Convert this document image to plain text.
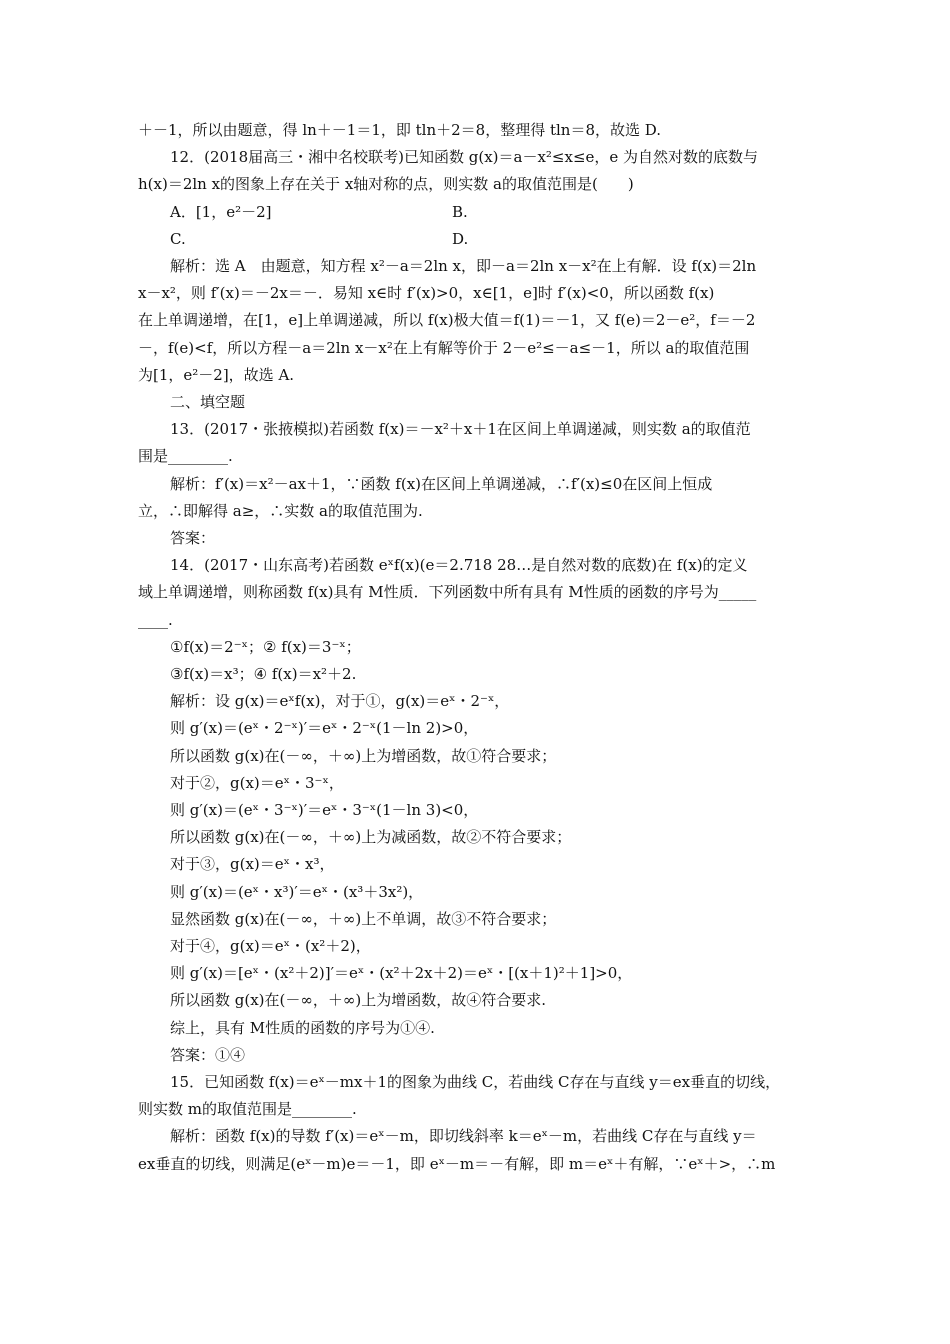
＋－1，所以由题意，得 ln＋－1＝1，即 tln＋2＝8，整理得 tln＝8，故选 D.
12．(2018届高三・湘中名校联考)已知函数 g(x)＝a－x²≤x≤e，e 为自然对数的底数与
h(x)＝2ln x的图象上存在关于 x轴对称的点，则实数 a的取值范围是(　　)
A．[1，e²－2]	B.
C.	D.
解析：选 A　由题意，知方程 x²－a＝2ln x，即－a＝2ln x－x²在上有解．设 f(x)＝2ln
x－x²，则 f′(x)＝－2x＝－．易知 x∈时 f′(x)>0，x∈[1，e]时 f′(x)<0，所以函数 f(x)
在上单调递增，在[1，e]上单调递减，所以 f(x)极大值＝f(1)＝－1，又 f(e)＝2－e²，f＝－2
－，f(e)<f，所以方程－a＝2ln x－x²在上有解等价于 2－e²≤－a≤－1，所以 a的取值范围
为[1，e²－2]，故选 A.
二、填空题
13．(2017・张掖模拟)若函数 f(x)＝－x²＋x＋1在区间上单调递减，则实数 a的取值范
围是________.
解析：f′(x)＝x²－ax＋1，∵函数 f(x)在区间上单调递减，∴f′(x)≤0在区间上恒成
立，∴即解得 a≥，∴实数 a的取值范围为.
答案：
14．(2017・山东高考)若函数 eˣf(x)(e＝2.718 28…是自然对数的底数)在 f(x)的定义
域上单调递增，则称函数 f(x)具有 M性质．下列函数中所有具有 M性质的函数的序号为_____
____.
①f(x)＝2⁻ˣ；② f(x)＝3⁻ˣ；
③f(x)＝x³；④ f(x)＝x²＋2.
解析：设 g(x)＝eˣf(x)，对于①，g(x)＝eˣ・2⁻ˣ，
则 g′(x)＝(eˣ・2⁻ˣ)′＝eˣ・2⁻ˣ(1－ln 2)>0，
所以函数 g(x)在(－∞，＋∞)上为增函数，故①符合要求；
对于②，g(x)＝eˣ・3⁻ˣ，
则 g′(x)＝(eˣ・3⁻ˣ)′＝eˣ・3⁻ˣ(1－ln 3)<0，
所以函数 g(x)在(－∞，＋∞)上为减函数，故②不符合要求；
对于③，g(x)＝eˣ・x³，
则 g′(x)＝(eˣ・x³)′＝eˣ・(x³＋3x²)，
显然函数 g(x)在(－∞，＋∞)上不单调，故③不符合要求；
对于④，g(x)＝eˣ・(x²＋2)，
则 g′(x)＝[eˣ・(x²＋2)]′＝eˣ・(x²＋2x＋2)＝eˣ・[(x＋1)²＋1]>0，
所以函数 g(x)在(－∞，＋∞)上为增函数，故④符合要求.
综上，具有 M性质的函数的序号为①④.
答案：①④
15．已知函数 f(x)＝eˣ－mx＋1的图象为曲线 C，若曲线 C存在与直线 y＝ex垂直的切线，
则实数 m的取值范围是________.
解析：函数 f(x)的导数 f′(x)＝eˣ－m，即切线斜率 k＝eˣ－m，若曲线 C存在与直线 y＝
ex垂直的切线，则满足(eˣ－m)e＝－1，即 eˣ－m＝－有解，即 m＝eˣ＋有解，∵eˣ＋>，∴m
